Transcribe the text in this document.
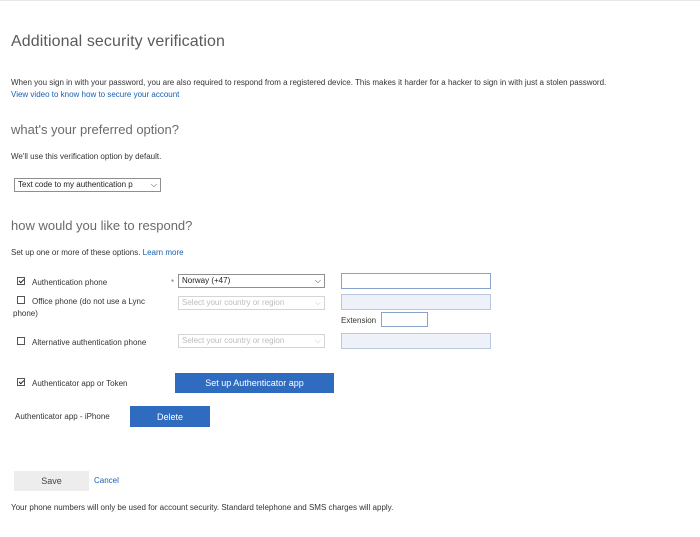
Additional security verification
When you sign in with your password, you are also required to respond from a registered device. This makes it harder for a hacker to sign in with just a stolen password.
View video to know how to secure your account
what's your preferred option?
We'll use this verification option by default.
Text code to my authentication p ⌵
how would you like to respond?
Set up one or more of these options. Learn more
Authentication phone	* Norway (+47)	⌵
Office phone (do not use a Lync
phone)
Select your country or region	⌵
Extension
Alternative authentication phone	Select your country or region	⌵
Authenticator app or Token	Set up Authenticator app
Authenticator app - iPhone	Delete
Save	Cancel
Your phone numbers will only be used for account security. Standard telephone and SMS charges will apply.
